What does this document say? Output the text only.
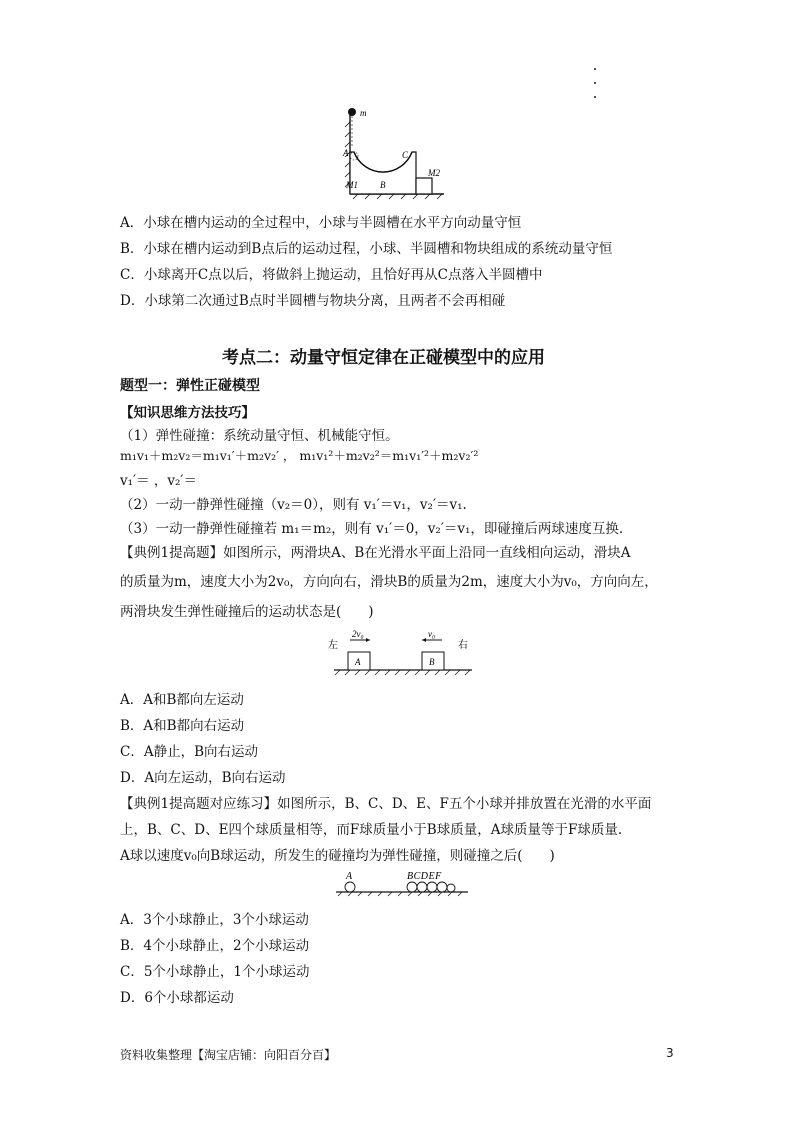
m
A	C
B
M1
M2
A．小球在槽内运动的全过程中，小球与半圆槽在水平方向动量守恒
B．小球在槽内运动到B点后的运动过程，小球、半圆槽和物块组成的系统动量守恒
C．小球离开C点以后，将做斜上抛运动，且恰好再从C点落入半圆槽中
D．小球第二次通过B点时半圆槽与物块分离，且两者不会再相碰
考点二：动量守恒定律在正碰模型中的应用
题型一：弹性正碰模型
【知识思维方法技巧】
（1）弹性碰撞：系统动量守恒、机械能守恒。
m₁v₁＋m₂v₂＝m₁v₁′＋m₂v₂′ ， m₁v₁²＋m₂v₂²＝m₁v₁′²＋m₂v₂′²
v₁′＝ ，v₂′＝
（2）一动一静弹性碰撞（v₂＝0），则有 v₁′＝v₁，v₂′＝v₁.
（3）一动一静弹性碰撞若 m₁＝m₂，则有 v₁′＝0，v₂′＝v₁，即碰撞后两球速度互换.
【典例1提高题】如图所示，两滑块A、B在光滑水平面上沿同一直线相向运动，滑块A
的质量为m，速度大小为2v₀，方向向右，滑块B的质量为2m，速度大小为v₀，方向向左，
两滑块发生弹性碰撞后的运动状态是(　　)
左	右
2v₀	v₀
A	B
A．A和B都向左运动
B．A和B都向右运动
C．A静止，B向右运动
D．A向左运动，B向右运动
【典例1提高题对应练习】如图所示，B、C、D、E、F五个小球并排放置在光滑的水平面
上，B、C、D、E四个球质量相等，而F球质量小于B球质量，A球质量等于F球质量.
A球以速度v₀向B球运动，所发生的碰撞均为弹性碰撞，则碰撞之后(　　)
A	BCDEF
A．3个小球静止，3个小球运动
B．4个小球静止，2个小球运动
C．5个小球静止，1个小球运动
D．6个小球都运动
资料收集整理【淘宝店铺：向阳百分百】	3
